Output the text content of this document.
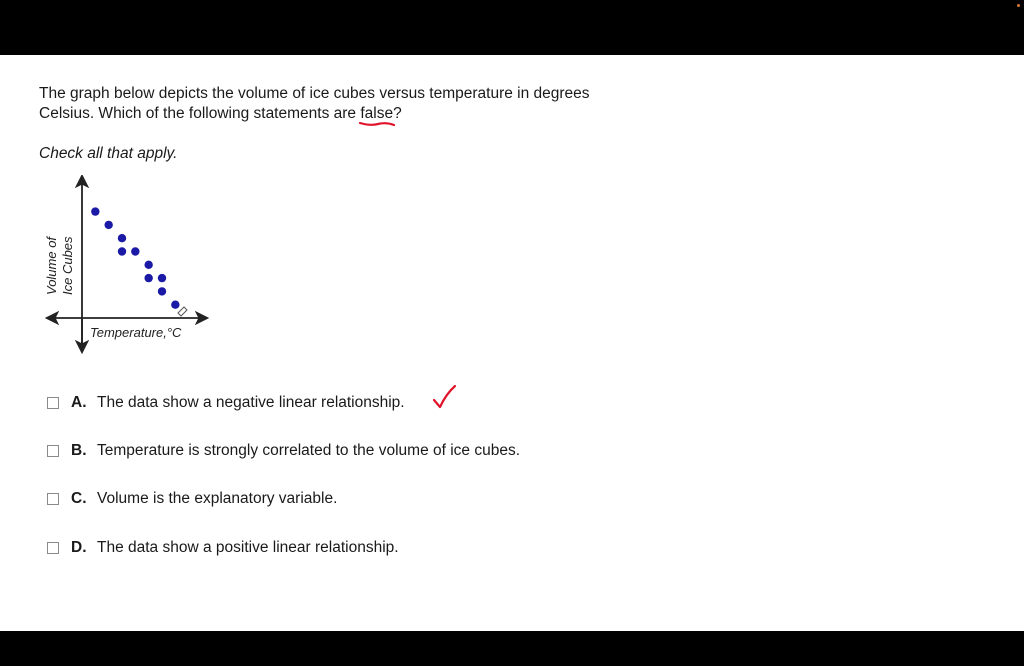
The graph below depicts the volume of ice cubes versus temperature in degrees Celsius. Which of the following statements are false
?
Check all that apply.
Temperature,°C
Volume of Ice Cubes
A. The data show a negative linear relationship.
B. Temperature is strongly correlated to the volume of ice cubes.
C. Volume is the explanatory variable.
D. The data show a positive linear relationship.
